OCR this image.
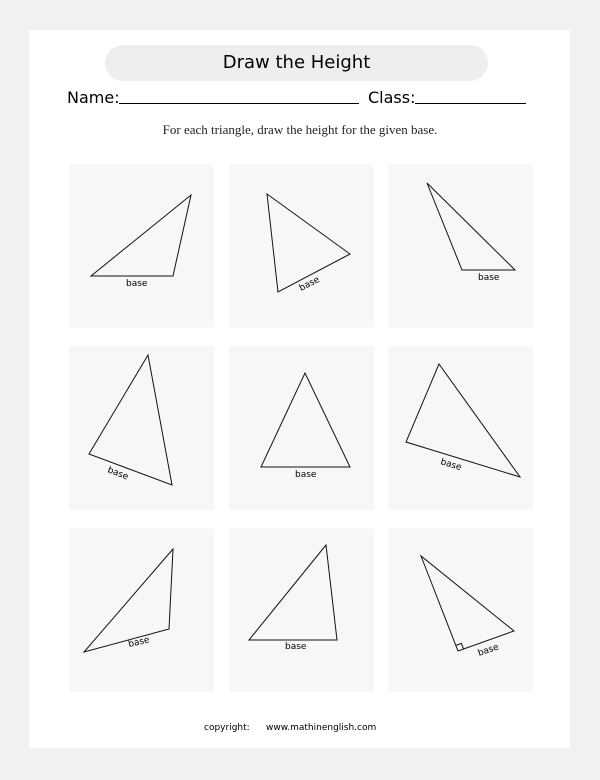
Draw the Height
Name:	Class:
For each triangle, draw the height for the given base.
base	base	base
base	base
base
base	base	base
copyright: www.mathinenglish.com
